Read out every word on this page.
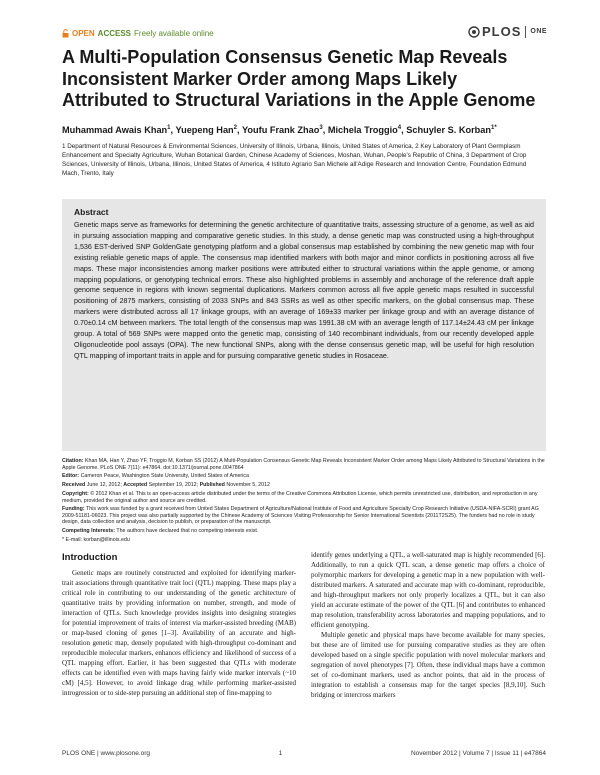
OPEN ACCESS Freely available online	PLOS ONE
A Multi-Population Consensus Genetic Map Reveals Inconsistent Marker Order among Maps Likely Attributed to Structural Variations in the Apple Genome
Muhammad Awais Khan$^1$, Yuepeng Han$^2$, Youfu Frank Zhao$^3$, Michela Troggio$^4$, Schuyler S. Korban$^{1*}$
1 Department of Natural Resources & Environmental Sciences, University of Illinois, Urbana, Illinois, United States of America, 2 Key Laboratory of Plant Germplasm Enhancement and Specialty Agriculture, Wuhan Botanical Garden, Chinese Academy of Sciences, Moshan, Wuhan, People's Republic of China, 3 Department of Crop Sciences, University of Illinois, Urbana, Illinois, United States of America, 4 Istituto Agrario San Michele all'Adige Research and Innovation Centre, Foundation Edmund Mach, Trento, Italy
Abstract

Genetic maps serve as frameworks for determining the genetic architecture of quantitative traits, assessing structure of a genome, as well as aid in pursuing association mapping and comparative genetic studies. In this study, a dense genetic map was constructed using a high-throughput 1,536 EST-derived SNP GoldenGate genotyping platform and a global consensus map established by combining the new genetic map with four existing reliable genetic maps of apple. The consensus map identified markers with both major and minor conflicts in positioning across all five maps. These major inconsistencies among marker positions were attributed either to structural variations within the apple genome, or among mapping populations, or genotyping technical errors. These also highlighted problems in assembly and anchorage of the reference draft apple genome sequence in regions with known segmental duplications. Markers common across all five apple genetic maps resulted in successful positioning of 2875 markers, consisting of 2033 SNPs and 843 SSRs as well as other specific markers, on the global consensus map. These markers were distributed across all 17 linkage groups, with an average of 169±33 marker per linkage group and with an average distance of 0.70±0.14 cM between markers. The total length of the consensus map was 1991.38 cM with an average length of 117.14±24.43 cM per linkage group. A total of 569 SNPs were mapped onto the genetic map, consisting of 140 recombinant individuals, from our recently developed apple Oligonucleotide pool assays (OPA). The new functional SNPs, along with the dense consensus genetic map, will be useful for high resolution QTL mapping of important traits in apple and for pursuing comparative genetic studies in Rosaceae.

Citation: Khan MA, Han Y, Zhao YF, Troggio M, Korban SS (2012) A Multi-Population Consensus Genetic Map Reveals Inconsistent Marker Order among Maps Likely Attributed to Structural Variations in the Apple Genome. PLoS ONE 7(11): e47864. doi:10.1371/journal.pone.0047864
Editor: Cameron Peace, Washington State University, United States of America
Received June 12, 2012; Accepted September 19, 2012; Published November 5, 2012
Copyright: © 2012 Khan et al. This is an open-access article distributed under the terms of the Creative Commons Attribution License, which permits unrestricted use, distribution, and reproduction in any medium, provided the original author and source are credited.
Introduction

Genetic maps are routinely constructed and exploited for identifying marker-trait associations through quantitative trait loci (QTL) mapping. These maps play a critical role in contributing to our understanding of the genetic architecture of quantitative traits by providing information on number, strength, and mode of interaction of QTLs. Such knowledge provides insights into designing strategies for potential improvement of traits of interest via marker-assisted breeding (MAB) or map-based cloning of genes [1–3]. Availability of an accurate and high-resolution genetic map, densely populated with high-throughput co-dominant and reproducible molecular markers, enhances efficiency and likelihood of success of a QTL mapping effort. Earlier, it has been suggested that QTLs with moderate effects can be identified even with maps having fairly wide marker intervals (~10 cM) [4,5]. However, to avoid linkage drag while performing marker-assisted introgression or to side-step pursuing an additional step of fine-mapping to

identify genes underlying a QTL, a well-saturated map is highly recommended [6]. Additionally, to run a quick QTL scan, a dense genetic map offers a choice of polymorphic markers for developing a genetic map in a new population with well-distributed markers. A saturated and accurate map with co-dominant, reproducible, and high-throughput markers not only properly localizes a QTL, but it can also yield an accurate estimate of the power of the QTL [6] and contributes to enhanced map resolution, transferability across laboratories and mapping populations, and to efficient genotyping.

Multiple genetic and physical maps have become available for many species, but these are of limited use for pursuing comparative studies as they are often developed based on a single specific population with novel molecular markers and segregation of novel phenotypes [7]. Often, these individual maps have a common set of co-dominant markers, used as anchor points, that aid in the process of integration to establish a consensus map for the target species [8,9,10]. Such bridging or intercross markers

PLOS ONE | www.plosone.org	1	November 2012 | Volume 7 | Issue 11 | e47864
Funding: This work was funded by a grant received from United States Department of Agriculture/National Institute of Food and Agriculture Specialty Crop Research Initiative (USDA-NIFA-SCRI) grant AG 2009-51181-06023. This project was also partially supported by the Chinese Academy of Sciences Visiting Professorship for Senior International Scientists (2011T2S25). The funders had no role in study design, data collection and analysis, decision to publish, or preparation of the manuscript.
Competing Interests: The authors have declared that no competing interests exist.
* E-mail: korban@illinois.edu
